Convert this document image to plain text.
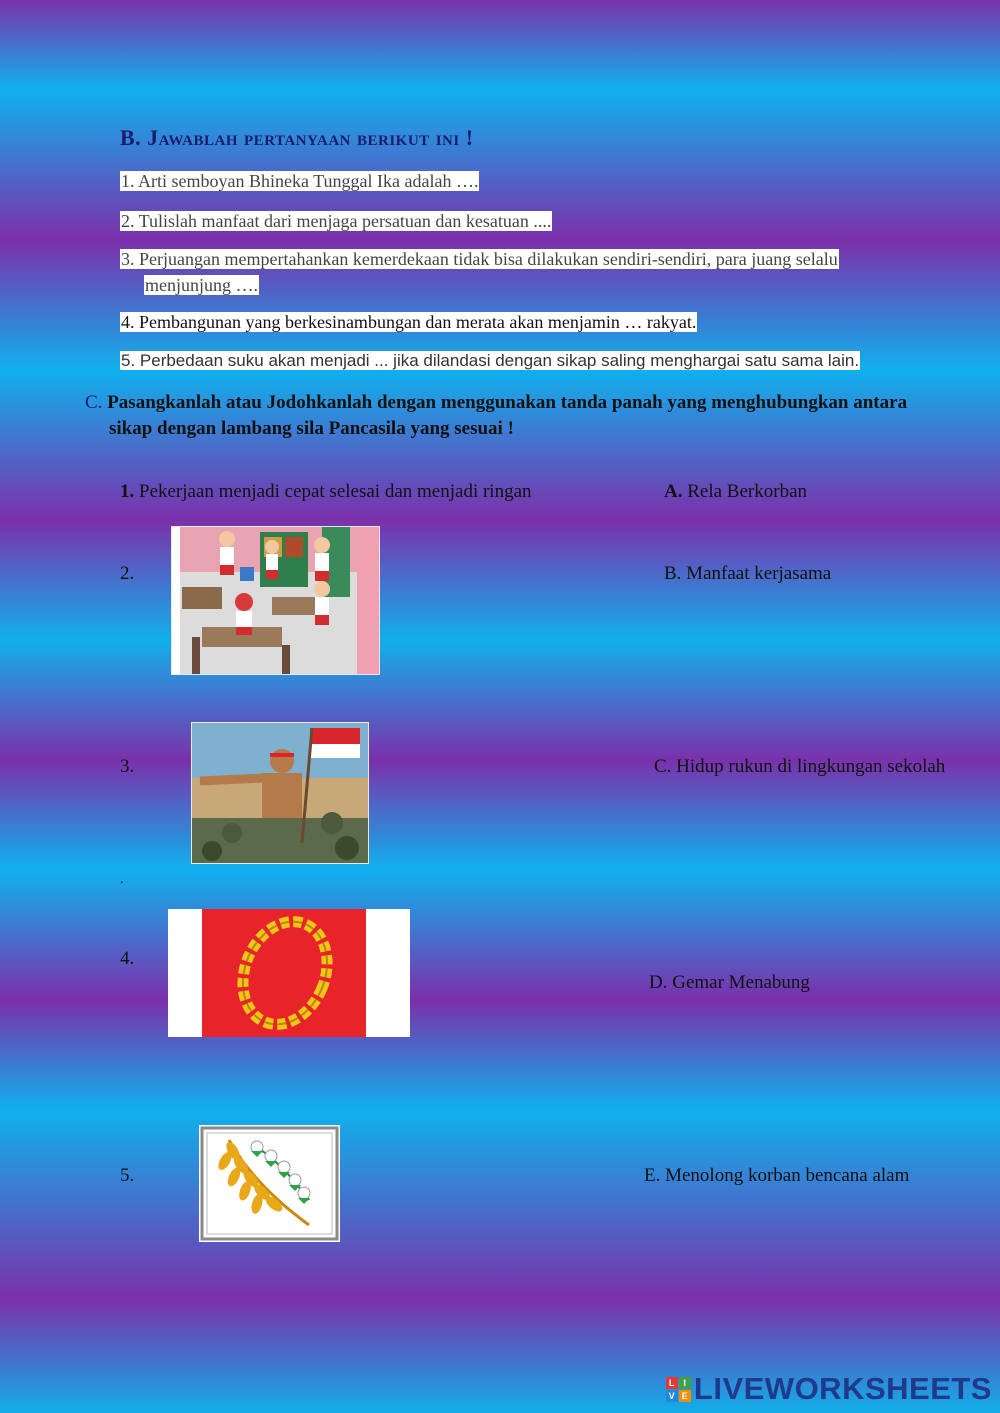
B. Jawablah pertanyaan berikut ini !
1. Arti semboyan Bhineka Tunggal Ika adalah ….
2. Tulislah manfaat dari menjaga persatuan dan kesatuan ....
3. Perjuangan mempertahankan kemerdekaan tidak bisa dilakukan sendiri-sendiri, para juang selalu
menjunjung ….
4. Pembangunan yang berkesinambungan dan merata akan menjamin … rakyat.
5. Perbedaan suku akan menjadi ... jika dilandasi dengan sikap saling menghargai satu sama lain.
C. Pasangkanlah atau Jodohkanlah dengan menggunakan tanda panah yang menghubungkan antara
sikap dengan lambang sila Pancasila yang sesuai !
1. Pekerjaan menjadi cepat selesai dan menjadi ringan
2.
3.
.
4.
5.
A. Rela Berkorban
B. Manfaat kerjasama
C. Hidup rukun di lingkungan sekolah
D. Gemar Menabung
E. Menolong korban bencana alam
L I
V E LIVEWORKSHEETS
